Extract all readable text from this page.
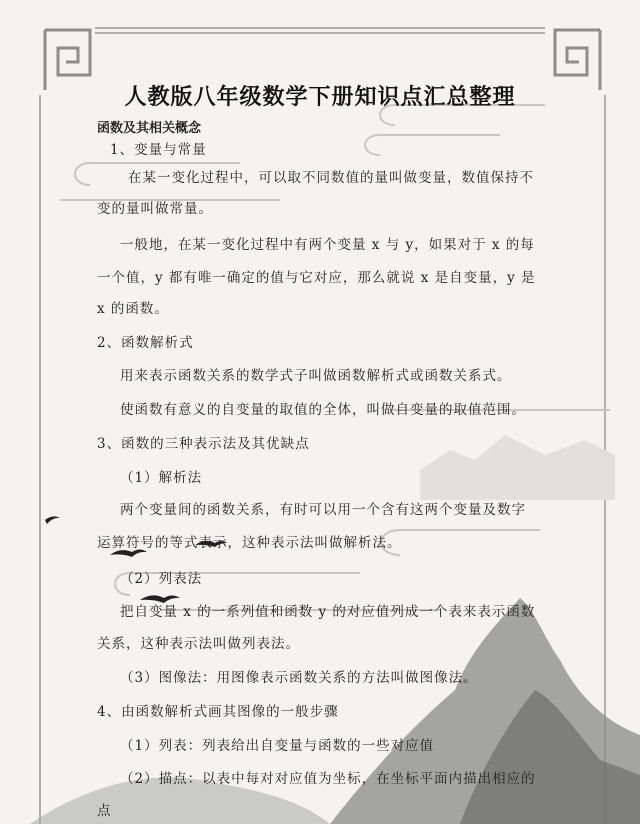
人教版八年级数学下册知识点汇总整理
函数及其相关概念
1、变量与常量
在某一变化过程中，可以取不同数值的量叫做变量，数值保持不
变的量叫做常量。
一般地，在某一变化过程中有两个变量 x 与 y，如果对于 x 的每
一个值，y 都有唯一确定的值与它对应，那么就说 x 是自变量，y 是
x 的函数。
2、函数解析式
用来表示函数关系的数学式子叫做函数解析式或函数关系式。
使函数有意义的自变量的取值的全体，叫做自变量的取值范围。
3、函数的三种表示法及其优缺点
（1）解析法
两个变量间的函数关系，有时可以用一个含有这两个变量及数字
运算符号的等式表示，这种表示法叫做解析法。
（2）列表法
把自变量 x 的一系列值和函数 y 的对应值列成一个表来表示函数
关系，这种表示法叫做列表法。
（3）图像法：用图像表示函数关系的方法叫做图像法。
4、由函数解析式画其图像的一般步骤
（1）列表：列表给出自变量与函数的一些对应值
（2）描点：以表中每对对应值为坐标，在坐标平面内描出相应的
点
